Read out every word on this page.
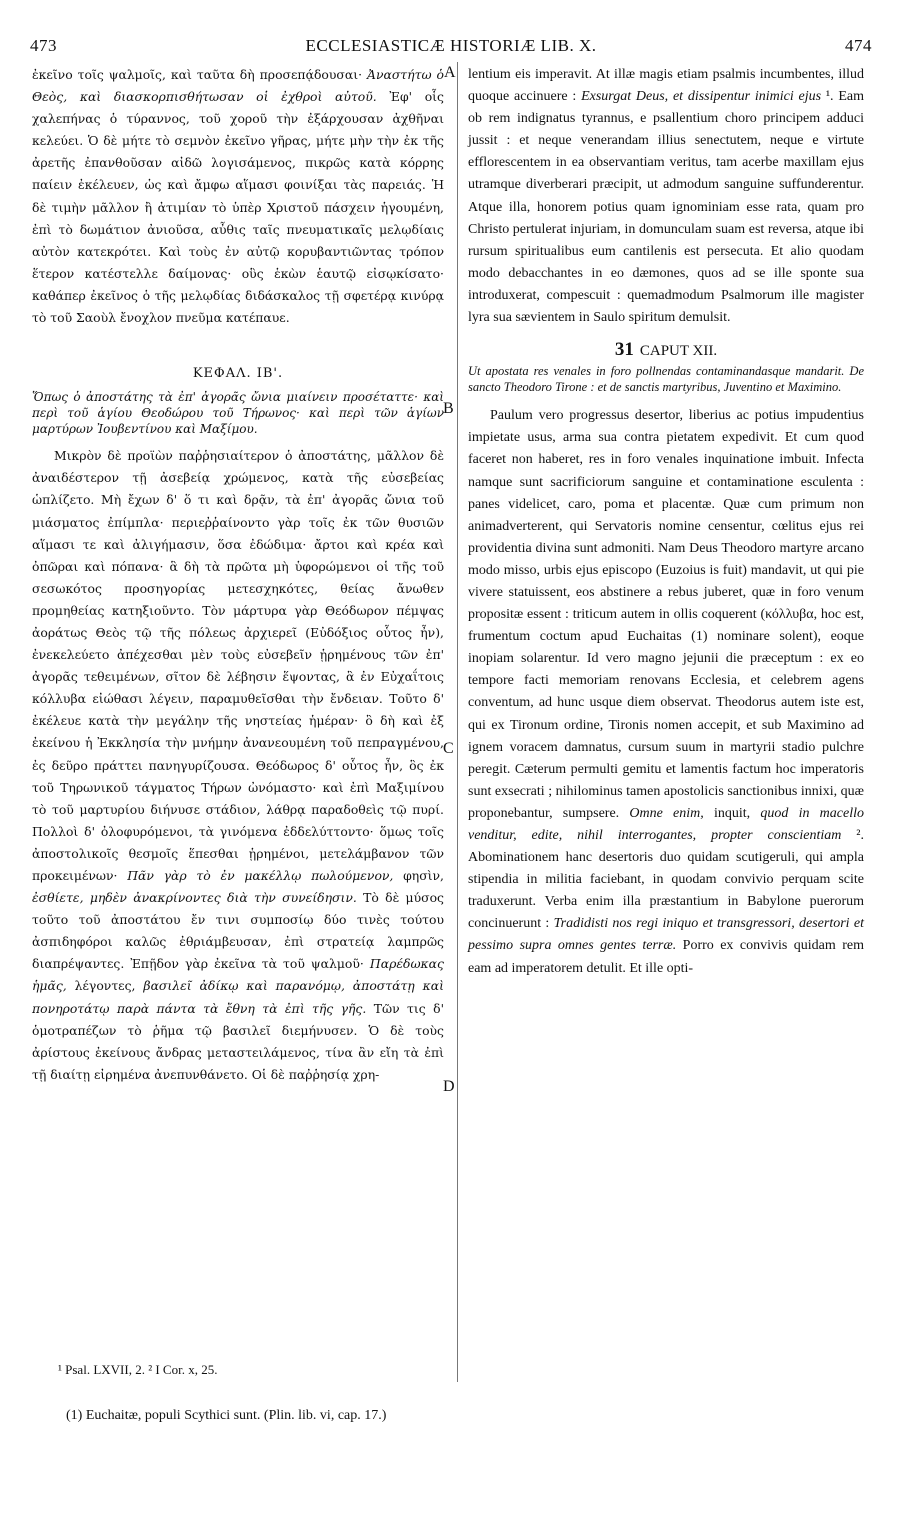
473	ECCLESIASTICÆ HISTORIÆ LIB. X.	474

ἐκεῖνο τοῖς ψαλμοῖς, καὶ ταῦτα δὴ προσεπᾴδουσαι· Ἀναστήτω ὁ Θεὸς, καὶ διασκορπισθήτωσαν οἱ ἐχθροὶ αὐτοῦ. Ἐφ' οἷς χαλεπήνας ὁ τύραννος, τοῦ χοροῦ τὴν ἐξάρχουσαν ἀχθῆναι κελεύει. Ὁ δὲ μήτε τὸ σεμνὸν ἐκεῖνο γῆρας, μήτε μὴν τὴν ἐκ τῆς ἀρετῆς ἐπανθοῦσαν αἰδῶ λογισάμενος, πικρῶς κατὰ κόρρης παίειν ἐκέλευεν, ὡς καὶ ἄμφω αἵμασι φοινίξαι τὰς παρειάς. Ἡ δὲ τιμὴν μᾶλλον ἢ ἀτιμίαν τὸ ὑπὲρ Χριστοῦ πάσχειν ἡγουμένη, ἐπὶ τὸ δωμάτιον ἀνιοῦσα, αὖθις ταῖς πνευματικαῖς μελῳδίαις αὐτὸν κατεκρότει. Καὶ τοὺς ἐν αὐτῷ κορυβαντιῶντας τρόπον ἕτερον κατέστελλε δαίμονας· οὓς ἑκὼν ἑαυτῷ εἰσῳκίσατο· καθάπερ ἐκεῖνος ὁ τῆς μελῳδίας διδάσκαλος τῇ σφετέρᾳ κινύρᾳ τὸ τοῦ Σαοὺλ ἔνοχλον πνεῦμα κατέπαυε.

ΚΕΦΑΛ. ΙΒ'.

Ὅπως ὁ ἀποστάτης τὰ ἐπ' ἀγορᾶς ὤνια μιαίνειν προσέταττε· καὶ περὶ τοῦ ἁγίου Θεοδώρου τοῦ Τήρωνος· καὶ περὶ τῶν ἁγίων μαρτύρων Ἰουβεντίνου καὶ Μαξίμου.

Μικρὸν δὲ προϊὼν παῤῥησιαίτερον ὁ ἀποστάτης, μᾶλλον δὲ ἀναιδέστερον τῇ ἀσεβείᾳ χρώμενος, κατὰ τῆς εὐσεβείας ὡπλίζετο. Μὴ ἔχων δ' ὅ τι καὶ δρᾷν, τὰ ἐπ' ἀγορᾶς ὤνια τοῦ μιάσματος ἐπίμπλα· περιεῤῥαίνοντο γὰρ τοῖς ἐκ τῶν θυσιῶν αἵμασι τε καὶ ἀλιγήμασιν, ὅσα ἐδώδιμα· ἄρτοι καὶ κρέα καὶ ὀπῶραι καὶ πόπανα· ἃ δὴ τὰ πρῶτα μὴ ὑφορώμενοι οἱ τῆς τοῦ σεσωκότος προσηγορίας μετεσχηκότες, θείας ἄνωθεν προμηθείας κατηξιοῦντο. Τὸν μάρτυρα γὰρ Θεόδωρον πέμψας ἀοράτως Θεὸς τῷ τῆς πόλεως ἀρχιερεῖ (Εὐδόξιος οὗτος ἦν), ἐνεκελεύετο ἀπέχεσθαι μὲν τοὺς εὐσεβεῖν ᾑρημένους τῶν ἐπ' ἀγορᾶς τεθειμένων, σῖτον δὲ λέβησιν ἕψοντας, ἃ ἐν Εὐχαΐτοις κόλλυβα εἰώθασι λέγειν, παραμυθεῖσθαι τὴν ἔνδειαν. Τοῦτο δ' ἐκέλευε κατὰ τὴν μεγάλην τῆς νηστείας ἡμέραν· ὃ δὴ καὶ ἐξ ἐκείνου ἡ Ἐκκλησία τὴν μνήμην ἀνανεουμένη τοῦ πεπραγμένου, ἐς δεῦρο πράττει πανηγυρίζουσα. Θεόδωρος δ' οὗτος ἦν, ὃς ἐκ τοῦ Τηρωνικοῦ τάγματος Τήρων ὠνόμαστο· καὶ ἐπὶ Μαξιμίνου τὸ τοῦ μαρτυρίου διήνυσε στάδιον, λάθρᾳ παραδοθεὶς τῷ πυρί. Πολλοὶ δ' ὀλοφυρόμενοι, τὰ γινόμενα ἐδδελύττοντο· ὅμως τοῖς ἀποστολικοῖς θεσμοῖς ἕπεσθαι ᾑρημένοι, μετελάμβανον τῶν προκειμένων· Πᾶν γὰρ τὸ ἐν μακέλλῳ πωλούμενον, φησὶν, ἐσθίετε, μηδὲν ἀνακρίνοντες διὰ τὴν συνείδησιν. Τὸ δὲ μύσος τοῦτο τοῦ ἀποστάτου ἔν τινι συμποσίῳ δύο τινὲς τούτου ἀσπιδηφόροι καλῶς ἐθριάμβευσαν, ἐπὶ στρατείᾳ λαμπρῶς διαπρέψαντες. Ἐπῇδον γὰρ ἐκεῖνα τὰ τοῦ ψαλμοῦ· Παρέδωκας ἡμᾶς, λέγοντες, βασιλεῖ ἀδίκῳ καὶ παρανόμῳ, ἀποστάτῃ καὶ πονηροτάτῳ παρὰ πάντα τὰ ἔθνη τὰ ἐπὶ τῆς γῆς. Τῶν τις δ' ὁμοτραπέζων τὸ ῥῆμα τῷ βασιλεῖ διεμήνυσεν. Ὁ δὲ τοὺς ἀρίστους ἐκείνους ἄνδρας μεταστειλάμενος, τίνα ἂν εἴη τὰ ἐπὶ τῇ διαίτῃ εἰρημένα ἀνεπυνθάνετο. Οἱ δὲ παῤῥησίᾳ χρη-

lentium eis imperavit. At illæ magis etiam psalmis incumbentes, illud quoque accinuere : Exsurgat Deus, et dissipentur inimici ejus ¹. Eam ob rem indignatus tyrannus, e psallentium choro principem adduci jussit : et neque venerandam illius senectutem, neque e virtute efflorescentem in ea observantiam veritus, tam acerbe maxillam ejus utramque diverberari præcipit, ut admodum sanguine suffunderentur. Atque illa, honorem potius quam ignominiam esse rata, quam pro Christo pertulerat injuriam, in domunculam suam est reversa, atque ibi rursum spiritualibus eum cantilenis est persecuta. Et alio quodam modo debacchantes in eo dæmones, quos ad se ille sponte sua introduxerat, compescuit : quemadmodum Psalmorum ille magister lyra sua sævientem in Saulo spiritum demulsit.

31 CAPUT XII.

Ut apostata res venales in foro pollnendas contaminandasque mandarit. De sancto Theodoro Tirone : et de sanctis martyribus, Juventino et Maximino.

Paulum vero progressus desertor, liberius ac potius impudentius impietate usus, arma sua contra pietatem expedivit. Et cum quod faceret non haberet, res in foro venales inquinatione imbuit. Infecta namque sunt sacrificiorum sanguine et contaminatione esculenta : panes videlicet, caro, poma et placentæ. Quæ cum primum non animadverterent, qui Servatoris nomine censentur, cœlitus ejus rei providentia divina sunt admoniti. Nam Deus Theodoro martyre arcano modo misso, urbis ejus episcopo (Euzoius is fuit) mandavit, ut qui pie vivere statuissent, eos abstinere a rebus juberet, quæ in foro venum propositæ essent : triticum autem in ollis coquerent (κόλλυβα, hoc est, frumentum coctum apud Euchaitas (1) nominare solent), eoque inopiam solarentur. Id vero magno jejunii die præceptum : ex eo tempore facti memoriam renovans Ecclesia, et celebrem agens conventum, ad hunc usque diem observat. Theodorus autem iste est, qui ex Tironum ordine, Tironis nomen accepit, et sub Maximino ad ignem voracem damnatus, cursum suum in martyrii stadio pulchre peregit. Cæterum permulti gemitu et lamentis factum hoc imperatoris sunt exsecrati ; nihilominus tamen apostolicis sanctionibus innixi, quæ proponebantur, sumpsere. Omne enim, inquit, quod in macello venditur, edite, nihil interrogantes, propter conscientiam ². Abominationem hanc desertoris duo quidam scutigeruli, qui ampla stipendia in militia faciebant, in quodam convivio perquam scite traduxerunt. Verba enim illa præstantium in Babylone puerorum concinuerunt : Tradidisti nos regi iniquo et transgressori, desertori et pessimo supra omnes gentes terræ. Porro ex convivis quidam rem eam ad imperatorem detulit. Et ille opti-

A
B
C
D
¹ Psal. LXVII, 2. ² I Cor. x, 25.
(1) Euchaitæ, populi Scythici sunt. (Plin. lib. vi, cap. 17.)
